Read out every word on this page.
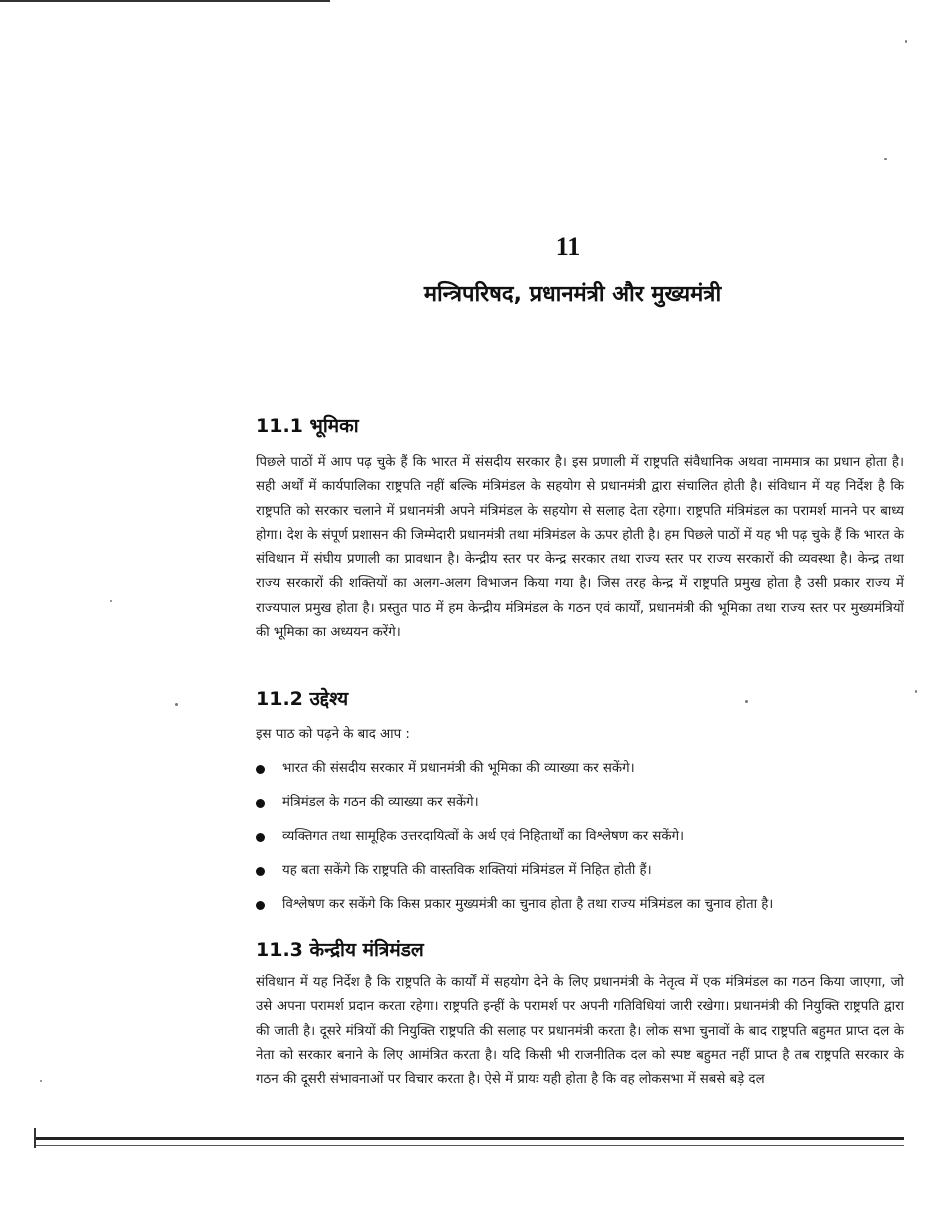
11
मन्त्रिपरिषद, प्रधानमंत्री और मुख्यमंत्री
11.1 भूमिका

पिछले पाठों में आप पढ़ चुके हैं कि भारत में संसदीय सरकार है। इस प्रणाली में राष्ट्रपति संवैधानिक अथवा नाममात्र का प्रधान होता है। सही अर्थों में कार्यपालिका राष्ट्रपति नहीं बल्कि मंत्रिमंडल के सहयोग से प्रधानमंत्री द्वारा संचालित होती है। संविधान में यह निर्देश है कि राष्ट्रपति को सरकार चलाने में प्रधानमंत्री अपने मंत्रिमंडल के सहयोग से सलाह देता रहेगा। राष्ट्रपति मंत्रिमंडल का परामर्श मानने पर बाध्य होगा। देश के संपूर्ण प्रशासन की जिम्मेदारी प्रधानमंत्री तथा मंत्रिमंडल के ऊपर होती है। हम पिछले पाठों में यह भी पढ़ चुके हैं कि भारत के संविधान में संघीय प्रणाली का प्रावधान है। केन्द्रीय स्तर पर केन्द्र सरकार तथा राज्य स्तर पर राज्य सरकारों की व्यवस्था है। केन्द्र तथा राज्य सरकारों की शक्तियों का अलग-अलग विभाजन किया गया है। जिस तरह केन्द्र में राष्ट्रपति प्रमुख होता है उसी प्रकार राज्य में राज्यपाल प्रमुख होता है। प्रस्तुत पाठ में हम केन्द्रीय मंत्रिमंडल के गठन एवं कार्यों, प्रधानमंत्री की भूमिका तथा राज्य स्तर पर मुख्यमंत्रियों की भूमिका का अध्ययन करेंगे।

11.2 उद्देश्य

इस पाठ को पढ़ने के बाद आप :

भारत की संसदीय सरकार में प्रधानमंत्री की भूमिका की व्याख्या कर सकेंगे।
मंत्रिमंडल के गठन की व्याख्या कर सकेंगे।
व्यक्तिगत तथा सामूहिक उत्तरदायित्वों के अर्थ एवं निहितार्थों का विश्लेषण कर सकेंगे।
यह बता सकेंगे कि राष्ट्रपति की वास्तविक शक्तियां मंत्रिमंडल में निहित होती हैं।
विश्लेषण कर सकेंगे कि किस प्रकार मुख्यमंत्री का चुनाव होता है तथा राज्य मंत्रिमंडल का चुनाव होता है।
11.3 केन्द्रीय मंत्रिमंडल

संविधान में यह निर्देश है कि राष्ट्रपति के कार्यों में सहयोग देने के लिए प्रधानमंत्री के नेतृत्व में एक मंत्रिमंडल का गठन किया जाएगा, जो उसे अपना परामर्श प्रदान करता रहेगा। राष्ट्रपति इन्हीं के परामर्श पर अपनी गतिविधियां जारी रखेगा। प्रधानमंत्री की नियुक्ति राष्ट्रपति द्वारा की जाती है। दूसरे मंत्रियों की नियुक्ति राष्ट्रपति की सलाह पर प्रधानमंत्री करता है। लोक सभा चुनावों के बाद राष्ट्रपति बहुमत प्राप्त दल के नेता को सरकार बनाने के लिए आमंत्रित करता है। यदि किसी भी राजनीतिक दल को स्पष्ट बहुमत नहीं प्राप्त है तब राष्ट्रपति सरकार के गठन की दूसरी संभावनाओं पर विचार करता है। ऐसे में प्रायः यही होता है कि वह लोकसभा में सबसे बड़े दल
